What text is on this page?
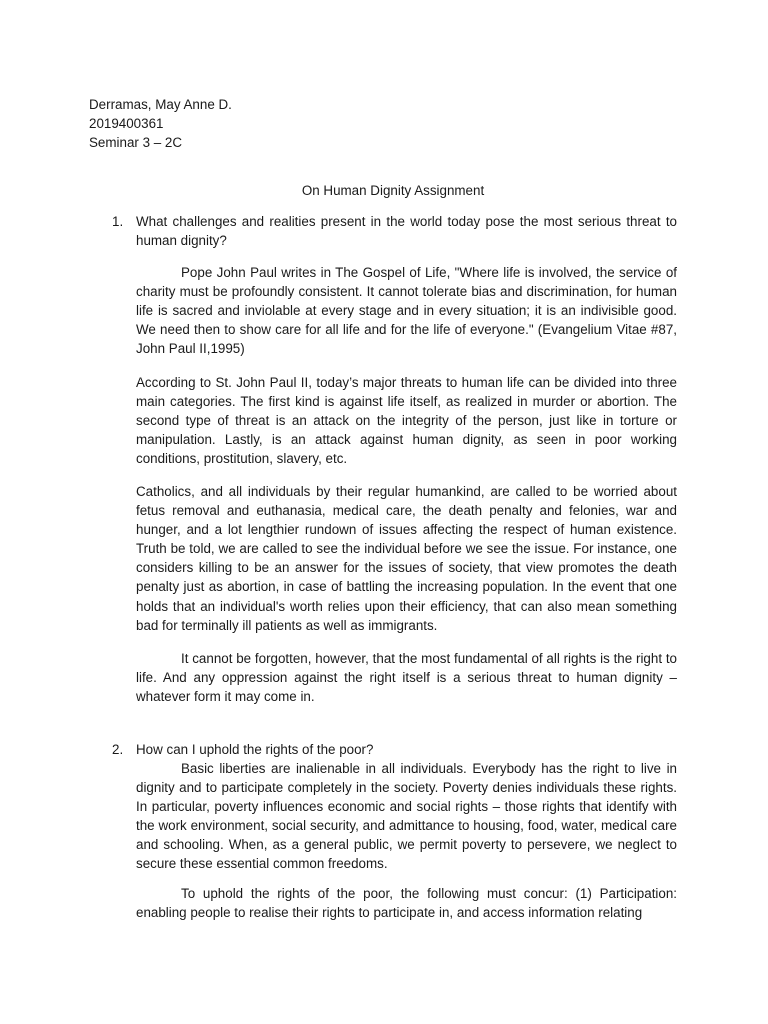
Derramas, May Anne D.
2019400361
Seminar 3 – 2C
On Human Dignity Assignment
1. What challenges and realities present in the world today pose the most serious threat to human dignity?
Pope John Paul writes in The Gospel of Life, "Where life is involved, the service of charity must be profoundly consistent. It cannot tolerate bias and discrimination, for human life is sacred and inviolable at every stage and in every situation; it is an indivisible good. We need then to show care for all life and for the life of everyone." (Evangelium Vitae #87, John Paul II,1995)
According to St. John Paul II, today’s major threats to human life can be divided into three main categories. The first kind is against life itself, as realized in murder or abortion. The second type of threat is an attack on the integrity of the person, just like in torture or manipulation. Lastly, is an attack against human dignity, as seen in poor working conditions, prostitution, slavery, etc.
Catholics, and all individuals by their regular humankind, are called to be worried about fetus removal and euthanasia, medical care, the death penalty and felonies, war and hunger, and a lot lengthier rundown of issues affecting the respect of human existence. Truth be told, we are called to see the individual before we see the issue. For instance, one considers killing to be an answer for the issues of society, that view promotes the death penalty just as abortion, in case of battling the increasing population. In the event that one holds that an individual's worth relies upon their efficiency, that can also mean something bad for terminally ill patients as well as immigrants.
It cannot be forgotten, however, that the most fundamental of all rights is the right to life. And any oppression against the right itself is a serious threat to human dignity – whatever form it may come in.
2. How can I uphold the rights of the poor?
Basic liberties are inalienable in all individuals. Everybody has the right to live in dignity and to participate completely in the society. Poverty denies individuals these rights. In particular, poverty influences economic and social rights – those rights that identify with the work environment, social security, and admittance to housing, food, water, medical care and schooling. When, as a general public, we permit poverty to persevere, we neglect to secure these essential common freedoms.
To uphold the rights of the poor, the following must concur: (1) Participation: enabling people to realise their rights to participate in, and access information relating
